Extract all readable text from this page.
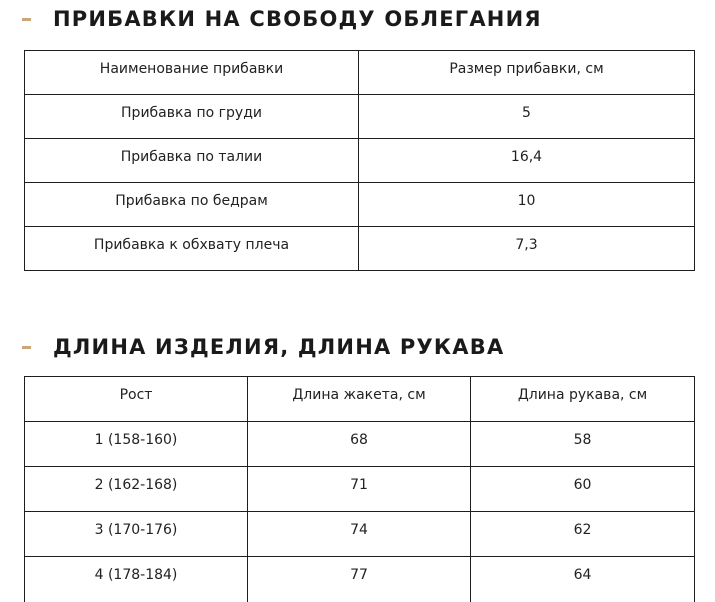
ПРИБАВКИ НА СВОБОДУ ОБЛЕГАНИЯ
Наименование прибавки	Размер прибавки, см
Прибавка по груди	5
Прибавка по талии	16,4
Прибавка по бедрам	10
Прибавка к обхвату плеча	7,3
ДЛИНА ИЗДЕЛИЯ, ДЛИНА РУКАВА
Рост	Длина жакета, см	Длина рукава, см
1 (158-160)	68	58
2 (162-168)	71	60
3 (170-176)	74	62
4 (178-184)	77	64
